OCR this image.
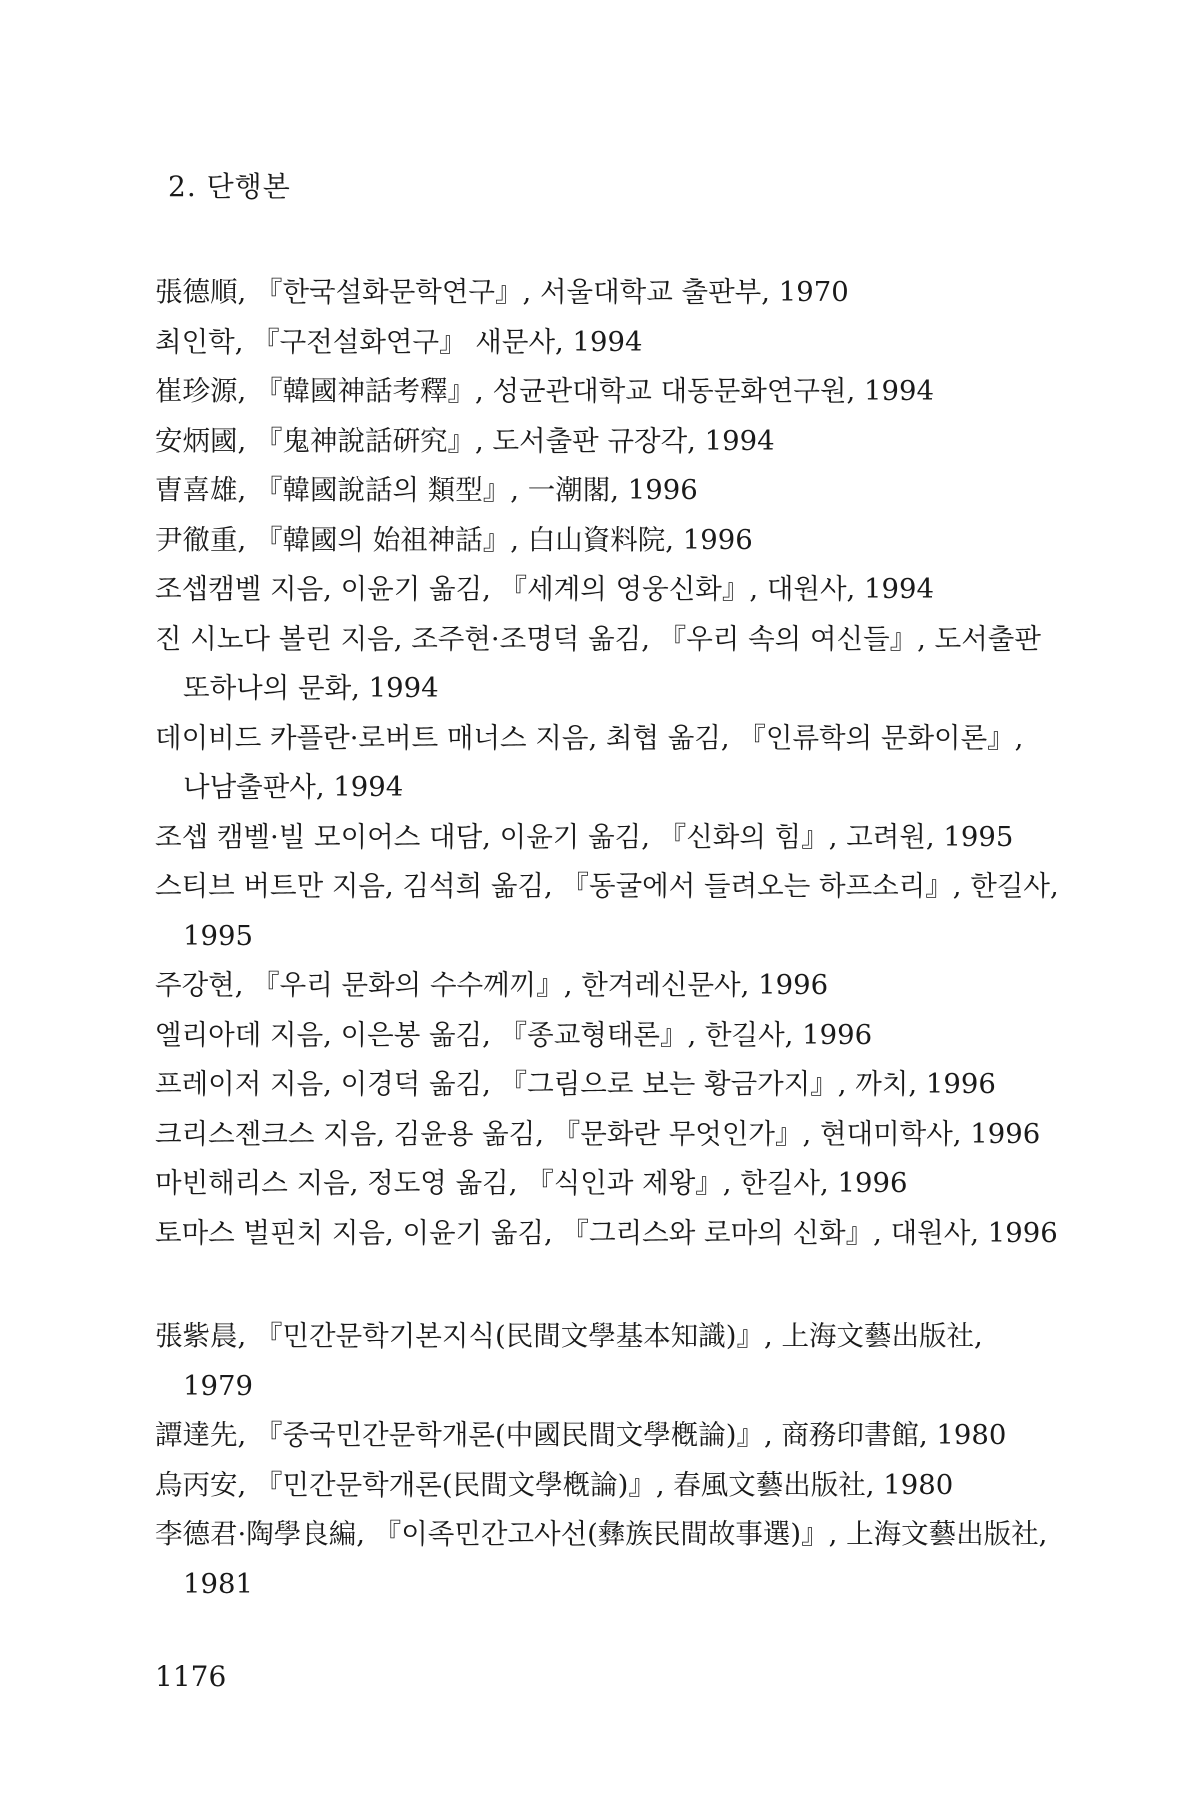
2. 단행본
張德順, 『한국설화문학연구』, 서울대학교 출판부, 1970
최인학, 『구전설화연구』 새문사, 1994
崔珍源, 『韓國神話考釋』, 성균관대학교 대동문화연구원, 1994
安炳國, 『鬼神說話硏究』, 도서출판 규장각, 1994
曺喜雄, 『韓國說話의 類型』, 一潮閣, 1996
尹徹重, 『韓國의 始祖神話』, 白山資料院, 1996
조셉캠벨 지음, 이윤기 옮김, 『세계의 영웅신화』, 대원사, 1994
진 시노다 볼린 지음, 조주현·조명덕 옮김, 『우리 속의 여신들』, 도서출판 또하나의 문화, 1994
데이비드 카플란·로버트 매너스 지음, 최협 옮김, 『인류학의 문화이론』, 나남출판사, 1994
조셉 캠벨·빌 모이어스 대담, 이윤기 옮김, 『신화의 힘』, 고려원, 1995
스티브 버트만 지음, 김석희 옮김, 『동굴에서 들려오는 하프소리』, 한길사, 1995
주강현, 『우리 문화의 수수께끼』, 한겨레신문사, 1996
엘리아데 지음, 이은봉 옮김, 『종교형태론』, 한길사, 1996
프레이저 지음, 이경덕 옮김, 『그림으로 보는 황금가지』, 까치, 1996
크리스젠크스 지음, 김윤용 옮김, 『문화란 무엇인가』, 현대미학사, 1996
마빈해리스 지음, 정도영 옮김, 『식인과 제왕』, 한길사, 1996
토마스 벌핀치 지음, 이윤기 옮김, 『그리스와 로마의 신화』, 대원사, 1996
張紫晨, 『민간문학기본지식(民間文學基本知識)』, 上海文藝出版社, 1979
譚達先, 『중국민간문학개론(中國民間文學槪論)』, 商務印書館, 1980
烏丙安, 『민간문학개론(民間文學槪論)』, 春風文藝出版社, 1980
李德君·陶學良編, 『이족민간고사선(彝族民間故事選)』, 上海文藝出版社, 1981
1176
